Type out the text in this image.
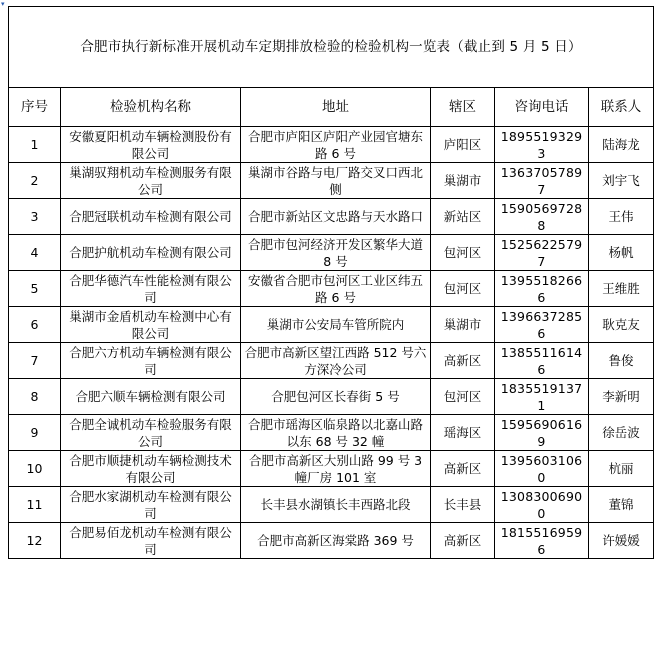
▾
合肥市执行新标准开展机动车定期排放检验的检验机构一览表（截止到 5 月 5 日）					
序号	检验机构名称	地址	辖区	咨询电话	联系人
1	安徽夏阳机动车辆检测股份有限公司	合肥市庐阳区庐阳产业园官塘东路 6 号	庐阳区	18955193293	陆海龙
2	巢湖驭翔机动车检测服务有限公司	巢湖市谷路与电厂路交叉口西北侧	巢湖市	13637057897	刘宇飞
3	合肥冠联机动车检测有限公司	合肥市新站区文忠路与天水路口	新站区	15905697288	王伟
4	合肥护航机动车检测有限公司	合肥市包河经济开发区繁华大道 8 号	包河区	15256225797	杨帆
5	合肥华德汽车性能检测有限公司	安徽省合肥市包河区工业区纬五路 6 号	包河区	13955182666	王维胜
6	巢湖市金盾机动车检测中心有限公司	巢湖市公安局车管所院内	巢湖市	13966372856	耿克友
7	合肥六方机动车辆检测有限公司	合肥市高新区望江西路 512 号六方深冷公司	高新区	13855116146	鲁俊
8	合肥六顺车辆检测有限公司	合肥包河区长春街 5 号	包河区	18355191371	李新明
9	合肥全诚机动车检验服务有限公司	合肥市瑶海区临泉路以北嘉山路以东 68 号 32 幢	瑶海区	15956906169	徐岳波
10	合肥市顺捷机动车辆检测技术有限公司	合肥市高新区大别山路 99 号 3 幢厂房 101 室	高新区	13956031060	杭丽
11	合肥水家湖机动车检测有限公司	长丰县水湖镇长丰西路北段	长丰县	13083006900	董锦
12	合肥易佰龙机动车检测有限公司	合肥市高新区海棠路 369 号	高新区	18155169596	许媛媛
